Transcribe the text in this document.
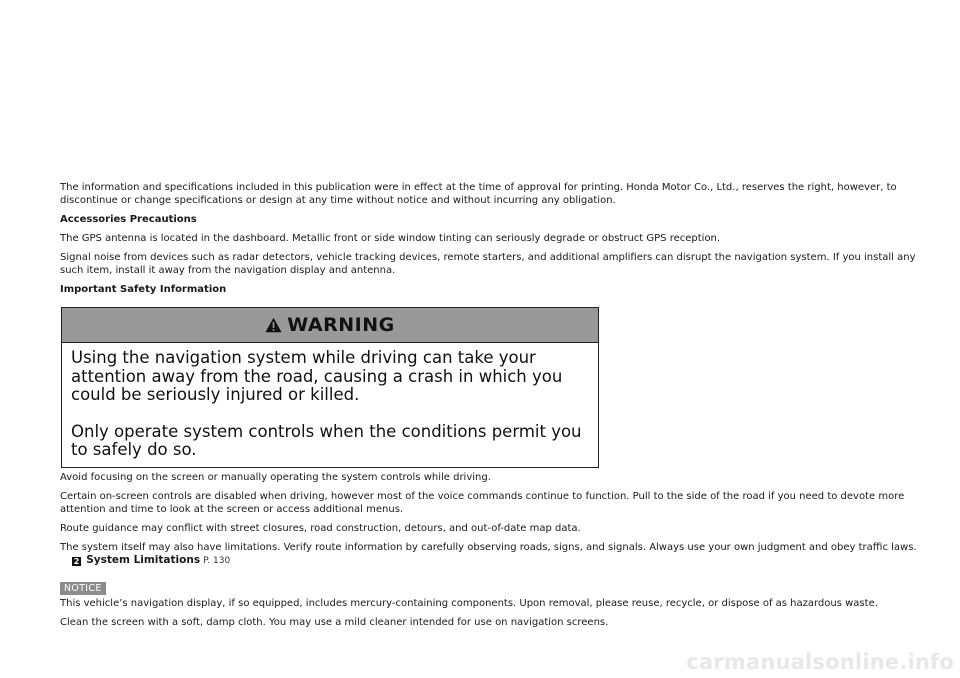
The information and specifications included in this publication were in effect at the time of approval for printing. Honda Motor Co., Ltd., reserves the right, however, to discontinue or change specifications or design at any time without notice and without incurring any obligation.

Accessories Precautions

The GPS antenna is located in the dashboard. Metallic front or side window tinting can seriously degrade or obstruct GPS reception.

Signal noise from devices such as radar detectors, vehicle tracking devices, remote starters, and additional amplifiers can disrupt the navigation system. If you install any such item, install it away from the navigation display and antenna.

Important Safety Information

WARNING

Using the navigation system while driving can take your attention away from the road, causing a crash in which you could be seriously injured or killed.

Only operate system controls when the conditions permit you to safely do so.

Avoid focusing on the screen or manually operating the system controls while driving.

Certain on-screen controls are disabled when driving, however most of the voice commands continue to function. Pull to the side of the road if you need to devote more attention and time to look at the screen or access additional menus.

Route guidance may conflict with street closures, road construction, detours, and out-of-date map data.

The system itself may also have limitations. Verify route information by carefully observing roads, signs, and signals. Always use your own judgment and obey traffic laws.

2 System Limitations P. 130
NOTICE

This vehicle’s navigation display, if so equipped, includes mercury-containing components. Upon removal, please reuse, recycle, or dispose of as hazardous waste.

Clean the screen with a soft, damp cloth. You may use a mild cleaner intended for use on navigation screens.

carmanualsonline.info
